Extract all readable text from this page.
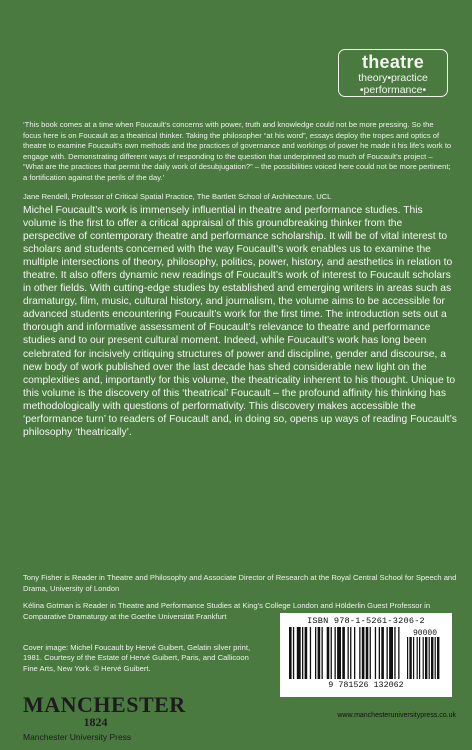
theatre
theory•practice
•performance•
‘This book comes at a time when Foucault’s concerns with power, truth and knowledge could not be more pressing. So the focus here is on Foucault as a theatrical thinker. Taking the philosopher “at his word”, essays deploy the tropes and optics of theatre to examine Foucault’s own methods and the practices of governance and workings of power he made it his life’s work to engage with. Demonstrating different ways of responding to the question that underpinned so much of Foucault’s project – “What are the practices that permit the daily work of desubjugation?” – the possibilities voiced here could not be more pertinent; a fortification against the perils of the day.’
Jane Rendell, Professor of Critical Spatial Practice, The Bartlett School of Architecture, UCL

Michel Foucault’s work is immensely influential in theatre and performance studies. This volume is the first to offer a critical appraisal of this groundbreaking thinker from the perspective of contemporary theatre and performance scholarship. It will be of vital interest to scholars and students concerned with the way Foucault’s work enables us to examine the multiple intersections of theory, philosophy, politics, power, history, and aesthetics in relation to theatre. It also offers dynamic new readings of Foucault’s work of interest to Foucault scholars in other fields. With cutting-edge studies by established and emerging writers in areas such as dramaturgy, film, music, cultural history, and journalism, the volume aims to be accessible for advanced students encountering Foucault’s work for the first time. The introduction sets out a thorough and informative assessment of Foucault’s relevance to theatre and performance studies and to our present cultural moment. Indeed, while Foucault’s work has long been celebrated for incisively critiquing structures of power and discipline, gender and discourse, a new body of work published over the last decade has shed considerable new light on the complexities and, importantly for this volume, the theatricality inherent to his thought. Unique to this volume is the discovery of this ‘theatrical’ Foucault – the profound affinity his thinking has methodologically with questions of performativity. This discovery makes accessible the ‘performance turn’ to readers of Foucault and, in doing so, opens up ways of reading Foucault’s philosophy ‘theatrically’.

Tony Fisher is Reader in Theatre and Philosophy and Associate Director of Research at the Royal Central School for Speech and Drama, University of London
Kélina Gotman is Reader in Theatre and Performance Studies at King’s College London and Hölderlin Guest Professor in Comparative Dramaturgy at the Goethe Universität Frankfurt
Cover image: Michel Foucault by Hervé Guibert, Gelatin silver print, 1981. Courtesy of the Estate of Hervé Guibert, Paris, and Callicoon Fine Arts, New York. © Hervé Guibert.
MANCHESTER
1824
Manchester University Press
ISBN 978-1-5261-3206-2
90000
9 781526 132062
www.manchesteruniversitypress.co.uk
